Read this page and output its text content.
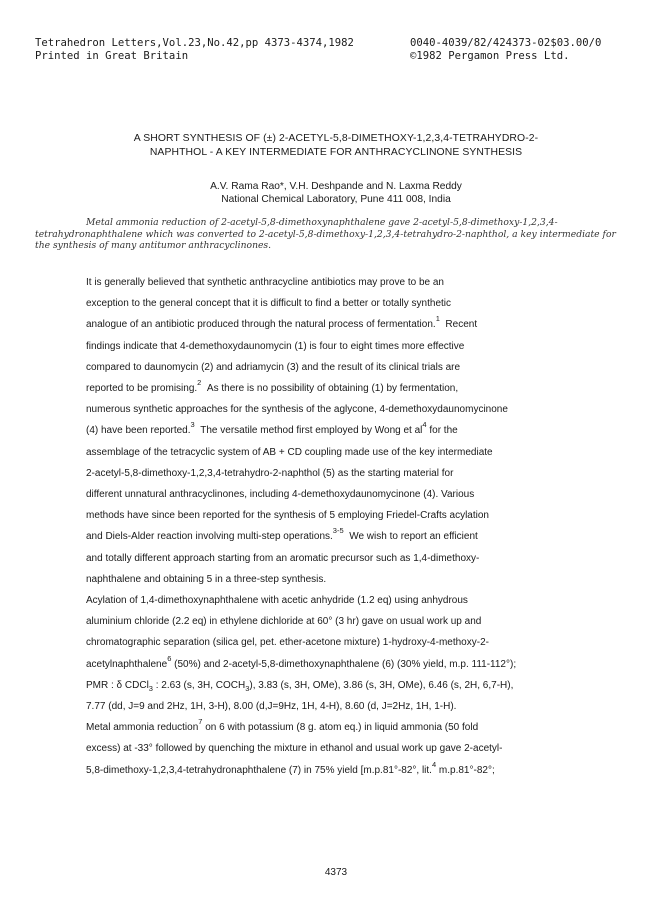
Tetrahedron Letters,Vol.23,No.42,pp 4373-4374,1982
Printed in Great Britain
0040-4039/82/424373-02$03.00/0
©1982 Pergamon Press Ltd.
A SHORT SYNTHESIS OF (±) 2-ACETYL-5,8-DIMETHOXY-1,2,3,4-TETRAHYDRO-2-
NAPHTHOL - A KEY INTERMEDIATE FOR ANTHRACYCLINONE SYNTHESIS
A.V. Rama Rao*, V.H. Deshpande and N. Laxma Reddy
National Chemical Laboratory, Pune 411 008, India

Metal ammonia reduction of 2-acetyl-5,8-dimethoxynaphthalene gave 2-acetyl-5,8-dimethoxy-1,2,3,4-tetrahydronaphthalene which was converted to 2-acetyl-5,8-dimethoxy-1,2,3,4-tetrahydro-2-naphthol, a key intermediate for the synthesis of many antitumor anthracyclinones.

It is generally believed that synthetic anthracycline antibiotics may prove to be an
exception to the general concept that it is difficult to find a better or totally synthetic
analogue of an antibiotic produced through the natural process of fermentation.$^1$  Recent
findings indicate that 4-demethoxydaunomycin (1) is four to eight times more effective
compared to daunomycin (2) and adriamycin (3) and the result of its clinical trials are
reported to be promising.$^2$  As there is no possibility of obtaining (1) by fermentation,
numerous synthetic approaches for the synthesis of the aglycone, 4-demethoxydaunomycinone
(4) have been reported.$^3$  The versatile method first employed by Wong et $al^4$ for the
assemblage of the tetracyclic system of AB + CD coupling made use of the key intermediate
2-acetyl-5,8-dimethoxy-1,2,3,4-tetrahydro-2-naphthol (5) as the starting material for
different unnatural anthracyclinones, including 4-demethoxydaunomycinone (4). Various
methods have since been reported for the synthesis of 5 employing Friedel-Crafts acylation
and Diels-Alder reaction involving multi-step operations.$^{3-5}$  We wish to report an efficient
and totally different approach starting from an aromatic precursor such as 1,4-dimethoxy-
naphthalene and obtaining 5 in a three-step synthesis.

Acylation of 1,4-dimethoxynaphthalene with acetic anhydride (1.2 eq) using anhydrous
aluminium chloride (2.2 eq) in ethylene dichloride at 60° (3 hr) gave on usual work up and
chromatographic separation (silica gel, pet. ether-acetone mixture) 1-hydroxy-4-methoxy-2-
acetylnaphthalene$^6$ (50%) and 2-acetyl-5,8-dimethoxynaphthalene (6) (30% yield, m.p. 111-112°);
PMR : δ CDCl$_3$ : 2.63 (s, 3H, $COCH_3$), 3.83 (s, 3H, OMe), 3.86 (s, 3H, OMe), 6.46 (s, 2H, 6,7-H),
7.77 (dd, J=9 and 2Hz, 1H, 3-H), 8.00 (d,J=9Hz, 1H, 4-H), 8.60 (d, J=2Hz, 1H, 1-H).

Metal ammonia reduction$^7$ on 6 with potassium (8 g. atom eq.) in liquid ammonia (50 fold
excess) at -33° followed by quenching the mixture in ethanol and usual work up gave 2-acetyl-
5,8-dimethoxy-1,2,3,4-tetrahydronaphthalene (7) in 75% yield [m.p.81°-82°, lit.$^4$ m.p.81°-82°;

4373
